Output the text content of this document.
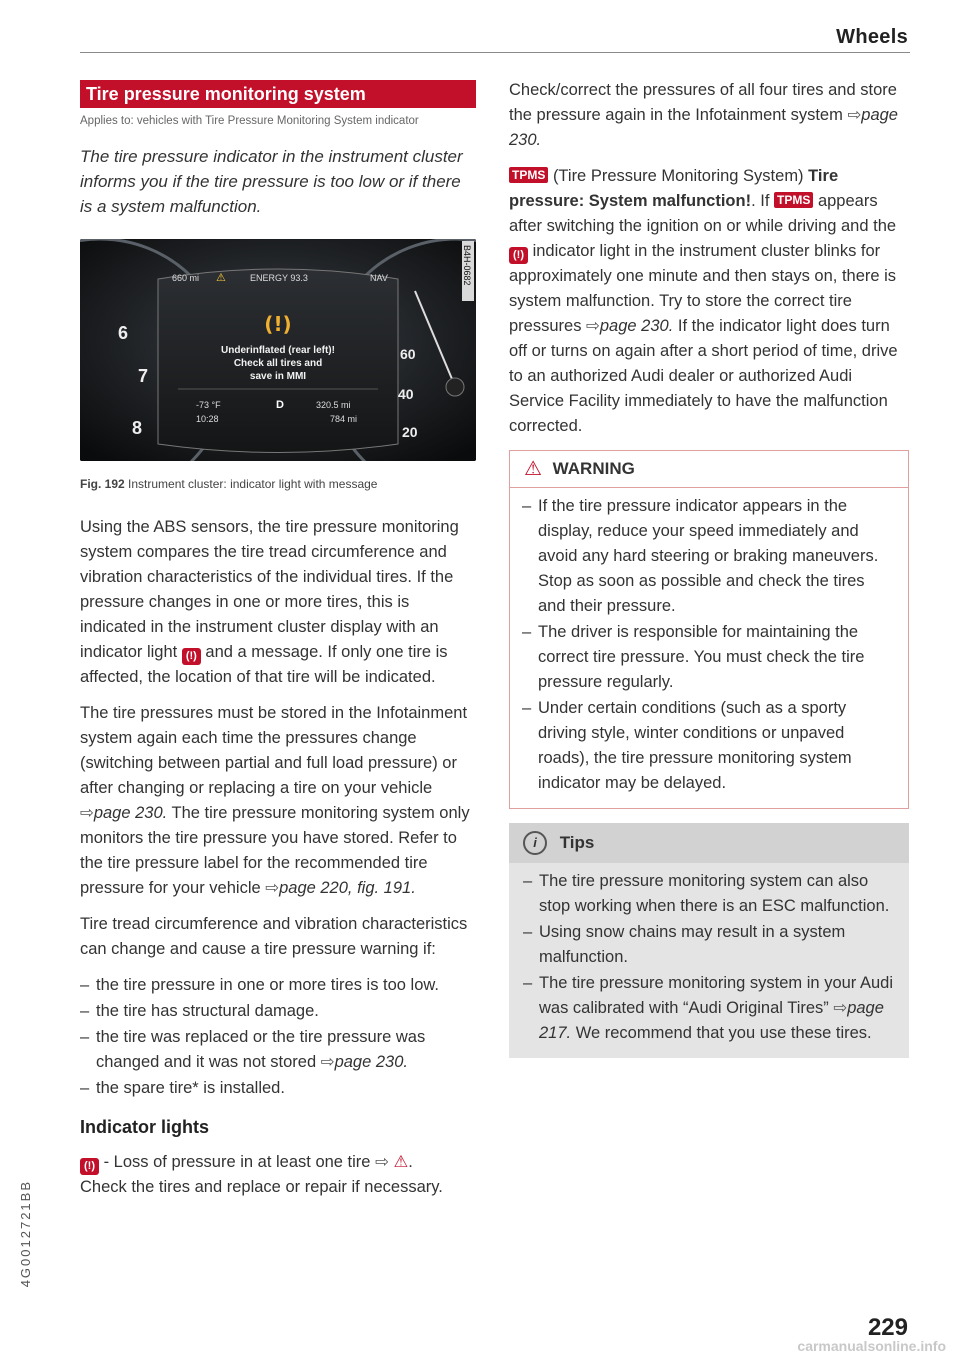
Wheels
Tire pressure monitoring system
Applies to: vehicles with Tire Pressure Monitoring System indicator
The tire pressure indicator in the instrument cluster informs you if the tire pressure is too low or if there is a system malfunction.
B4H-0682
660 mi ⚠	ENERGY 93.3	NAV
(!)
Underinflated (rear left)!
Check all tires and
save in MMI
-73 °F
10:28
D	320.5 mi
784 mi
6
7
8
60
40
20
Fig. 192 Instrument cluster: indicator light with message

Using the ABS sensors, the tire pressure monitoring system compares the tire tread circumference and vibration characteristics of the individual tires. If the pressure changes in one or more tires, this is indicated in the instrument cluster display with an indicator light (!) and a message. If only one tire is affected, the location of that tire will be indicated.

The tire pressures must be stored in the Infotainment system again each time the pressures change (switching between partial and full load pressure) or after changing or replacing a tire on your vehicle ⇨page 230. The tire pressure monitoring system only monitors the tire pressure you have stored. Refer to the tire pressure label for the recommended tire pressure for your vehicle ⇨page 220, fig. 191.

Tire tread circumference and vibration characteristics can change and cause a tire pressure warning if:

– the tire pressure in one or more tires is too low.
– the tire has structural damage.
– the tire was replaced or the tire pressure was changed and it was not stored ⇨page 230.
– the spare tire* is installed.
Indicator lights
(!) - Loss of pressure in at least one tire ⇨ ⚠.
Check the tires and replace or repair if necessary.

Check/correct the pressures of all four tires and store the pressure again in the Infotainment system ⇨page 230.

TPMS (Tire Pressure Monitoring System) Tire pressure: System malfunction!. If TPMS appears after switching the ignition on or while driving and the (!) indicator light in the instrument cluster blinks for approximately one minute and then stays on, there is system malfunction. Try to store the correct tire pressures ⇨page 230. If the indicator light does turn off or turns on again after a short period of time, drive to an authorized Audi dealer or authorized Audi Service Facility immediately to have the malfunction corrected.

⚠ WARNING
– If the tire pressure indicator appears in the display, reduce your speed immediately and avoid any hard steering or braking maneuvers. Stop as soon as possible and check the tires and their pressure.
– The driver is responsible for maintaining the correct tire pressure. You must check the tire pressure regularly.
– Under certain conditions (such as a sporty driving style, winter conditions or unpaved roads), the tire pressure monitoring system indicator may be delayed.
i Tips
– The tire pressure monitoring system can also stop working when there is an ESC malfunction.
– Using snow chains may result in a system malfunction.
– The tire pressure monitoring system in your Audi was calibrated with “Audi Original Tires” ⇨page 217. We recommend that you use these tires.
4G0012721BB
229
carmanualsonline.info
